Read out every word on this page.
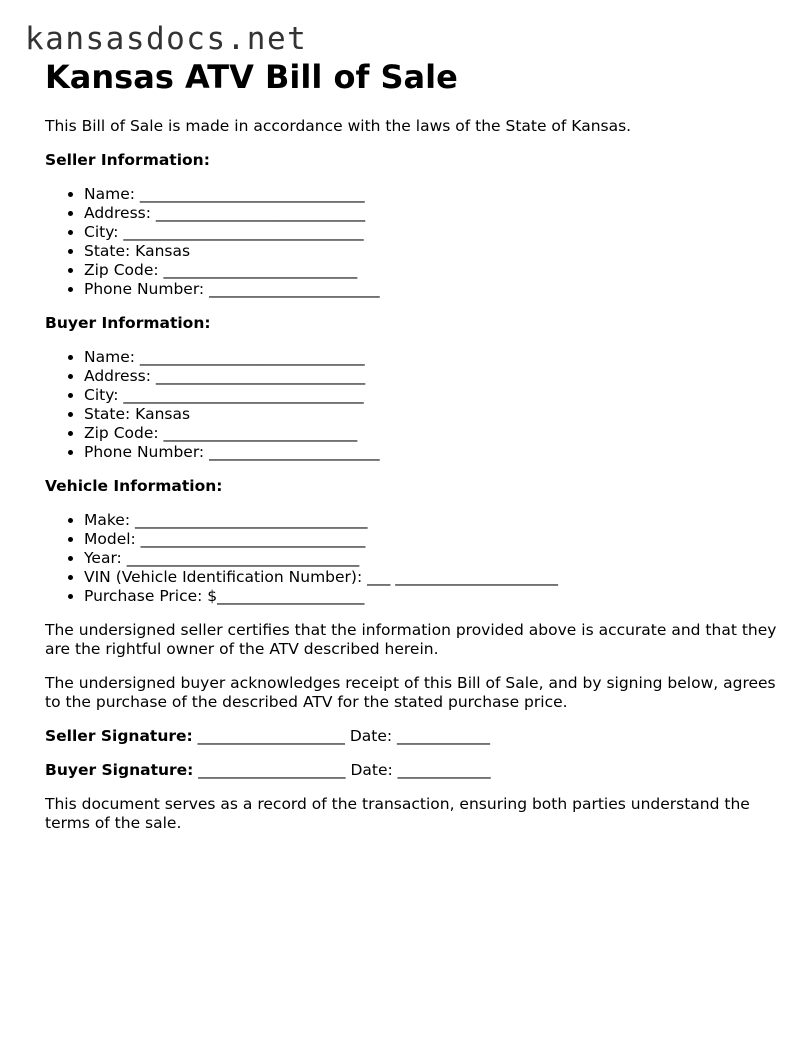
kansasdocs.net
Kansas ATV Bill of Sale

This Bill of Sale is made in accordance with the laws of the State of Kansas.

Seller Information:

• Name: _____________________________
• Address: ___________________________
• City: _______________________________
• State: Kansas
• Zip Code: _________________________
• Phone Number: ______________________

Buyer Information:

• Name: _____________________________
• Address: ___________________________
• City: _______________________________
• State: Kansas
• Zip Code: _________________________
• Phone Number: ______________________

Vehicle Information:

• Make: ______________________________
• Model: _____________________________
• Year: ______________________________
• VIN (Vehicle Identification Number): ___ _____________________
• Purchase Price: $___________________

The undersigned seller certifies that the information provided above is accurate and that they are the rightful owner of the ATV described herein.

The undersigned buyer acknowledges receipt of this Bill of Sale, and by signing below, agrees to the purchase of the described ATV for the stated purchase price.

Seller Signature: ___________________ Date: ____________

Buyer Signature: ___________________ Date: ____________

This document serves as a record of the transaction, ensuring both parties understand the terms of the sale.
